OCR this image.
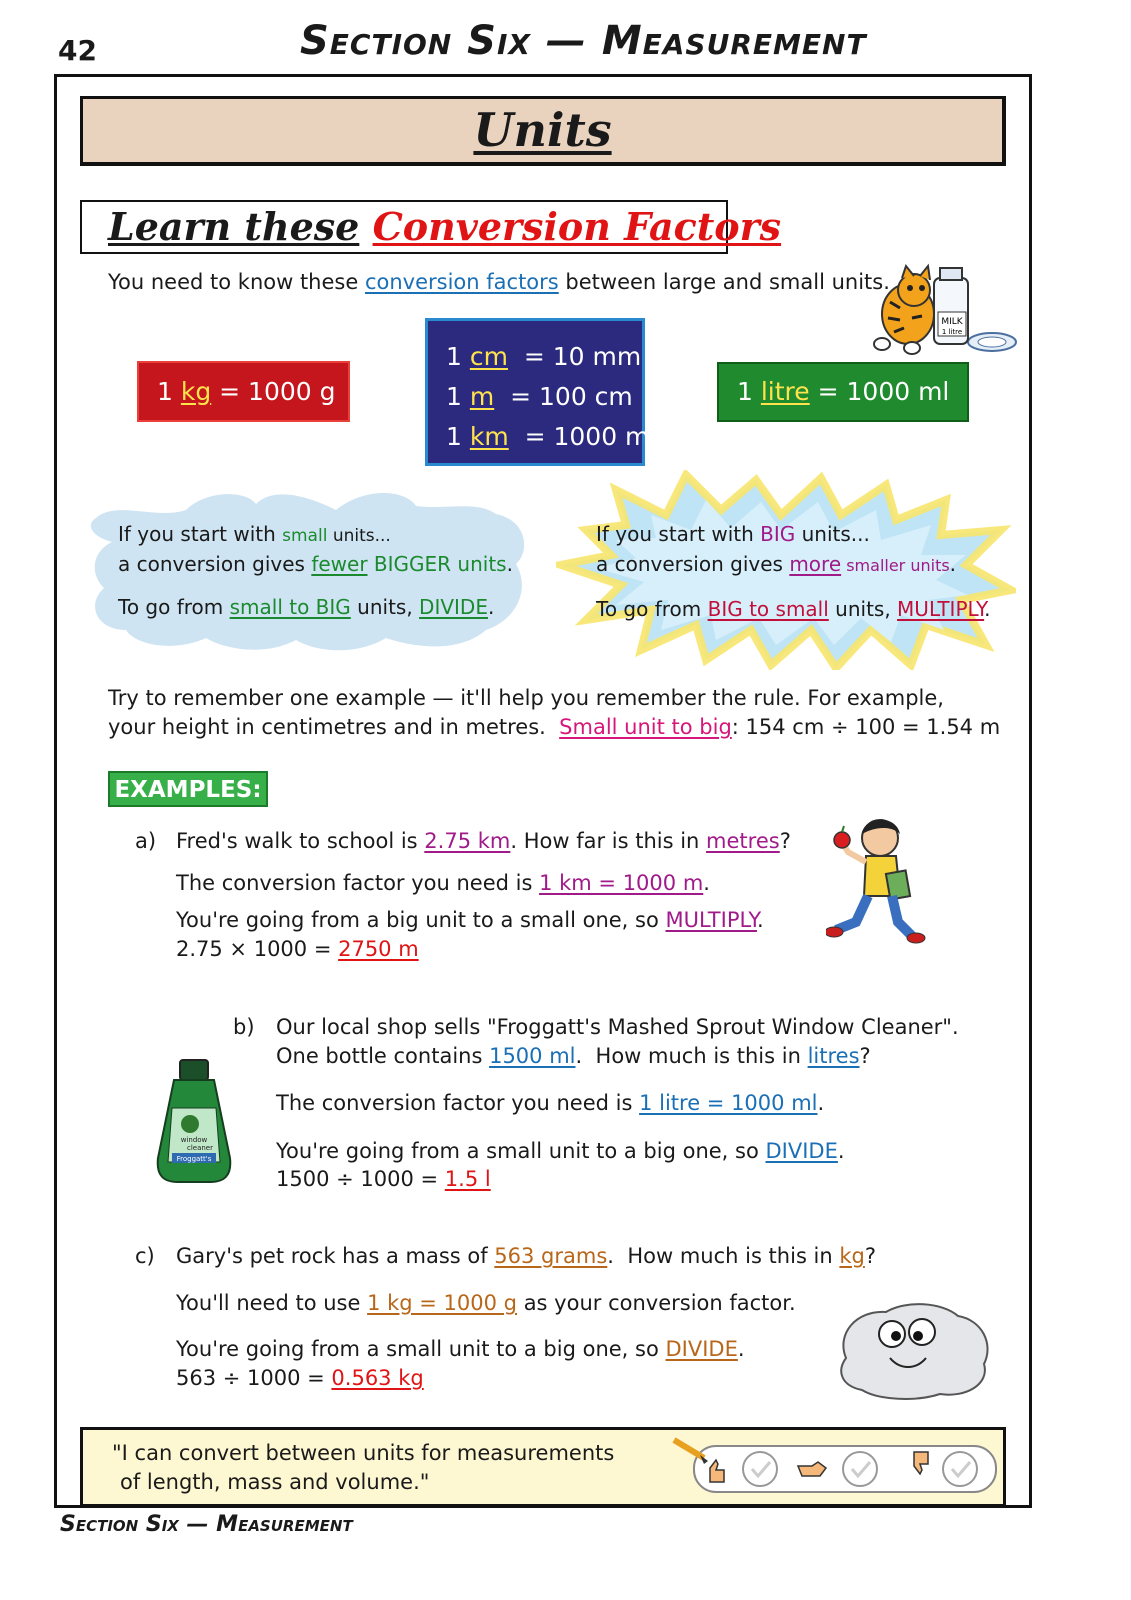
42	Section Six — Measurement
Units
Learn these Conversion Factors
You need to know these conversion factors between large and small units.
MILK
1 litre
1 kg = 1000 g
1 cm  = 10 mm
1 m  = 100 cm
1 km  = 1000 m
1 litre = 1000 ml
If you start with small units...
a conversion gives fewer BIGGER units.
To go from small to BIG units, DIVIDE.
If you start with BIG units...
a conversion gives more smaller units.
To go from BIG to small units, MULTIPLY.
Try to remember one example — it'll help you remember the rule. For example,
your height in centimetres and in metres.  Small unit to big: 154 cm ÷ 100 = 1.54 m
EXAMPLES:
a) Fred's walk to school is 2.75 km. How far is this in metres?
The conversion factor you need is 1 km = 1000 m.
You're going from a big unit to a small one, so MULTIPLY.
2.75 × 1000 = 2750 m
b) Our local shop sells "Froggatt's Mashed Sprout Window Cleaner".
One bottle contains 1500 ml.  How much is this in litres?
The conversion factor you need is 1 litre = 1000 ml.
You're going from a small unit to a big one, so DIVIDE.
1500 ÷ 1000 = 1.5 l
window
cleaner
Froggatt's
c) Gary's pet rock has a mass of 563 grams.  How much is this in kg?
You'll need to use 1 kg = 1000 g as your conversion factor.
You're going from a small unit to a big one, so DIVIDE.
563 ÷ 1000 = 0.563 kg
"I can convert between units for measurements
of length, mass and volume."
Section Six — Measurement
